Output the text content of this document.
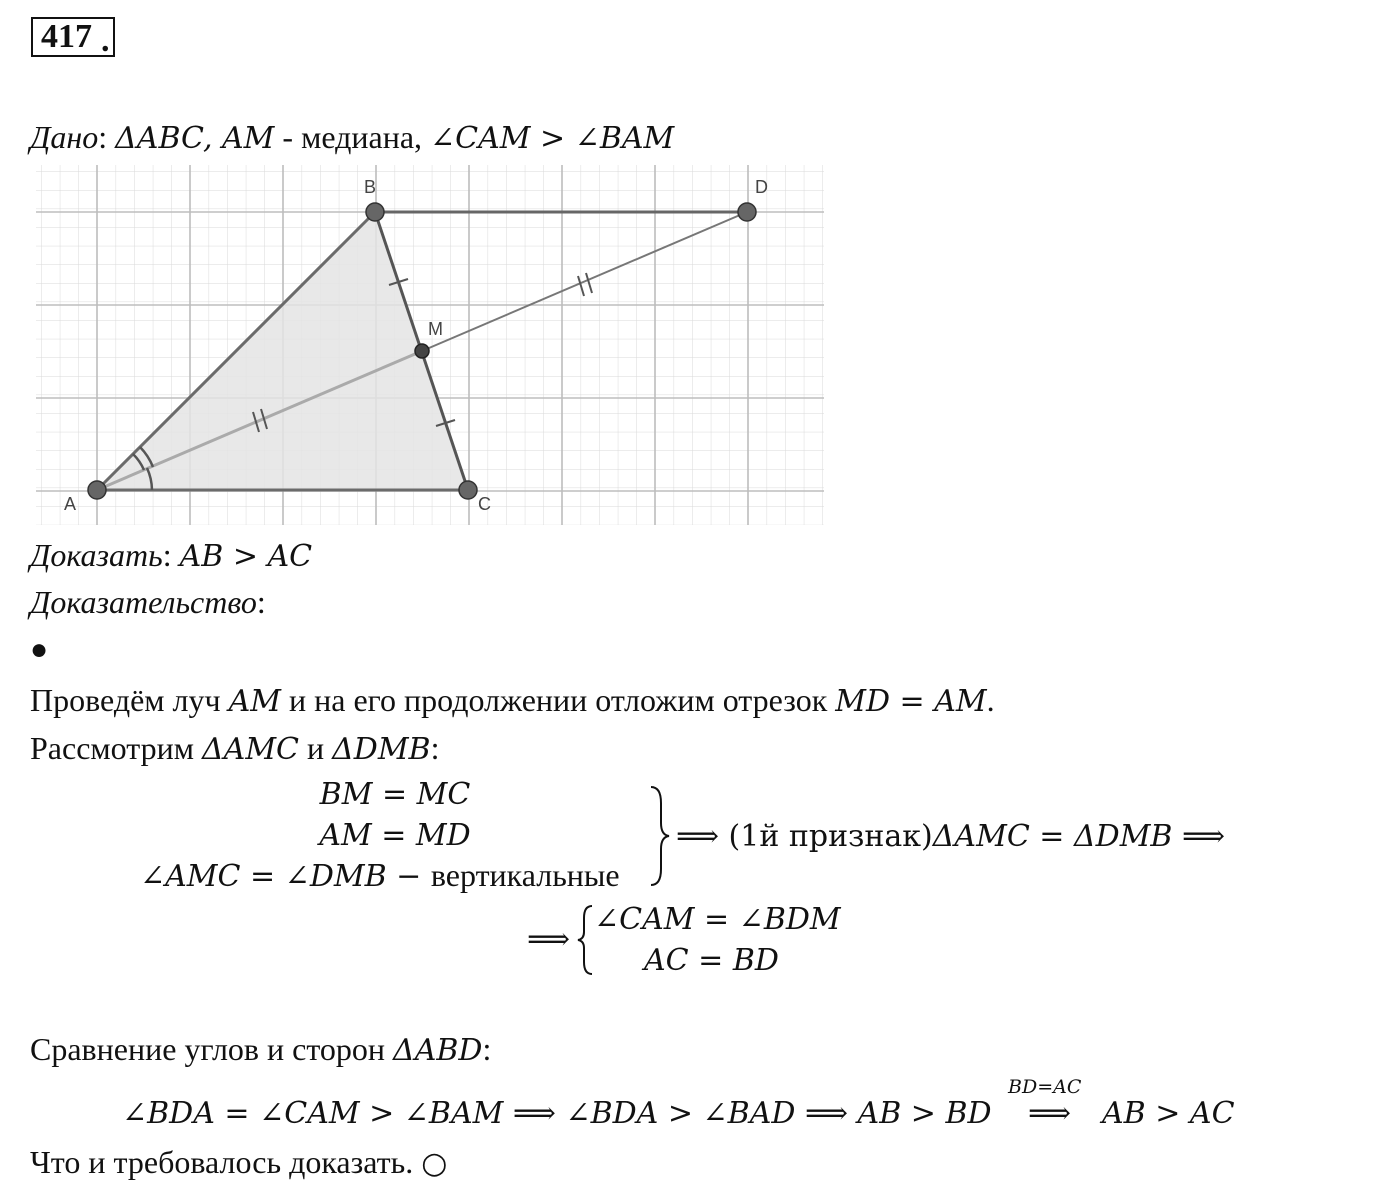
417 .
Дано: ΔABC, AM - медиана, ∠CAM > ∠BAM
A
B
C
D
M
Доказать: AB > AC
Доказательство:
●
Проведём луч AM и на его продолжении отложим отрезок MD = AM.
Рассмотрим ΔAMC и ΔDMB:
BM = MC
AM = MD
∠AMC = ∠DMB − вертикальные
⟹ (1й признак)ΔAMC = ΔDMB ⟹
⟹
∠CAM = ∠BDM
AC = BD
Сравнение углов и сторон ΔABD:
∠BDA = ∠CAM > ∠BAM ⟹ ∠BDA > ∠BAD ⟹ AB > BD
BD=AC
⟹ AB > AC
Что и требовалось доказать. ○
